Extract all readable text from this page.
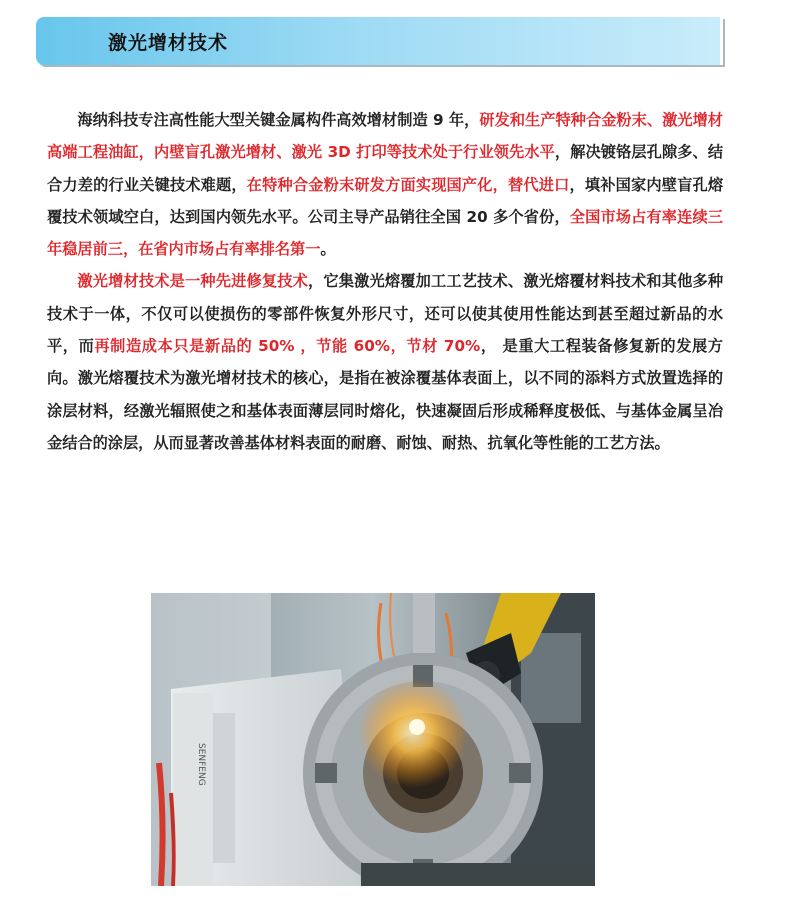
激光增材技术

海纳科技专注高性能大型关键金属构件高效增材制造 9 年，研发和生产特种合金粉末、激光增材高端工程油缸，内壁盲孔激光增材、激光 3D 打印等技术处于行业领先水平，解决镀铬层孔隙多、结合力差的行业关键技术难题，在特种合金粉末研发方面实现国产化，替代进口，填补国家内壁盲孔熔覆技术领域空白，达到国内领先水平。公司主导产品销往全国 20 多个省份，全国市场占有率连续三年稳居前三，在省内市场占有率排名第一。

激光增材技术是一种先进修复技术，它集激光熔覆加工工艺技术、激光熔覆材料技术和其他多种技术于一体，不仅可以使损伤的零部件恢复外形尺寸，还可以使其使用性能达到甚至超过新品的水平，而再制造成本只是新品的 50% ，节能 60%，节材 70%， 是重大工程装备修复新的发展方向。激光熔覆技术为激光增材技术的核心，是指在被涂覆基体表面上，以不同的添料方式放置选择的涂层材料，经激光辐照使之和基体表面薄层同时熔化，快速凝固后形成稀释度极低、与基体金属呈冶金结合的涂层，从而显著改善基体材料表面的耐磨、耐蚀、耐热、抗氧化等性能的工艺方法。

SENFENG
